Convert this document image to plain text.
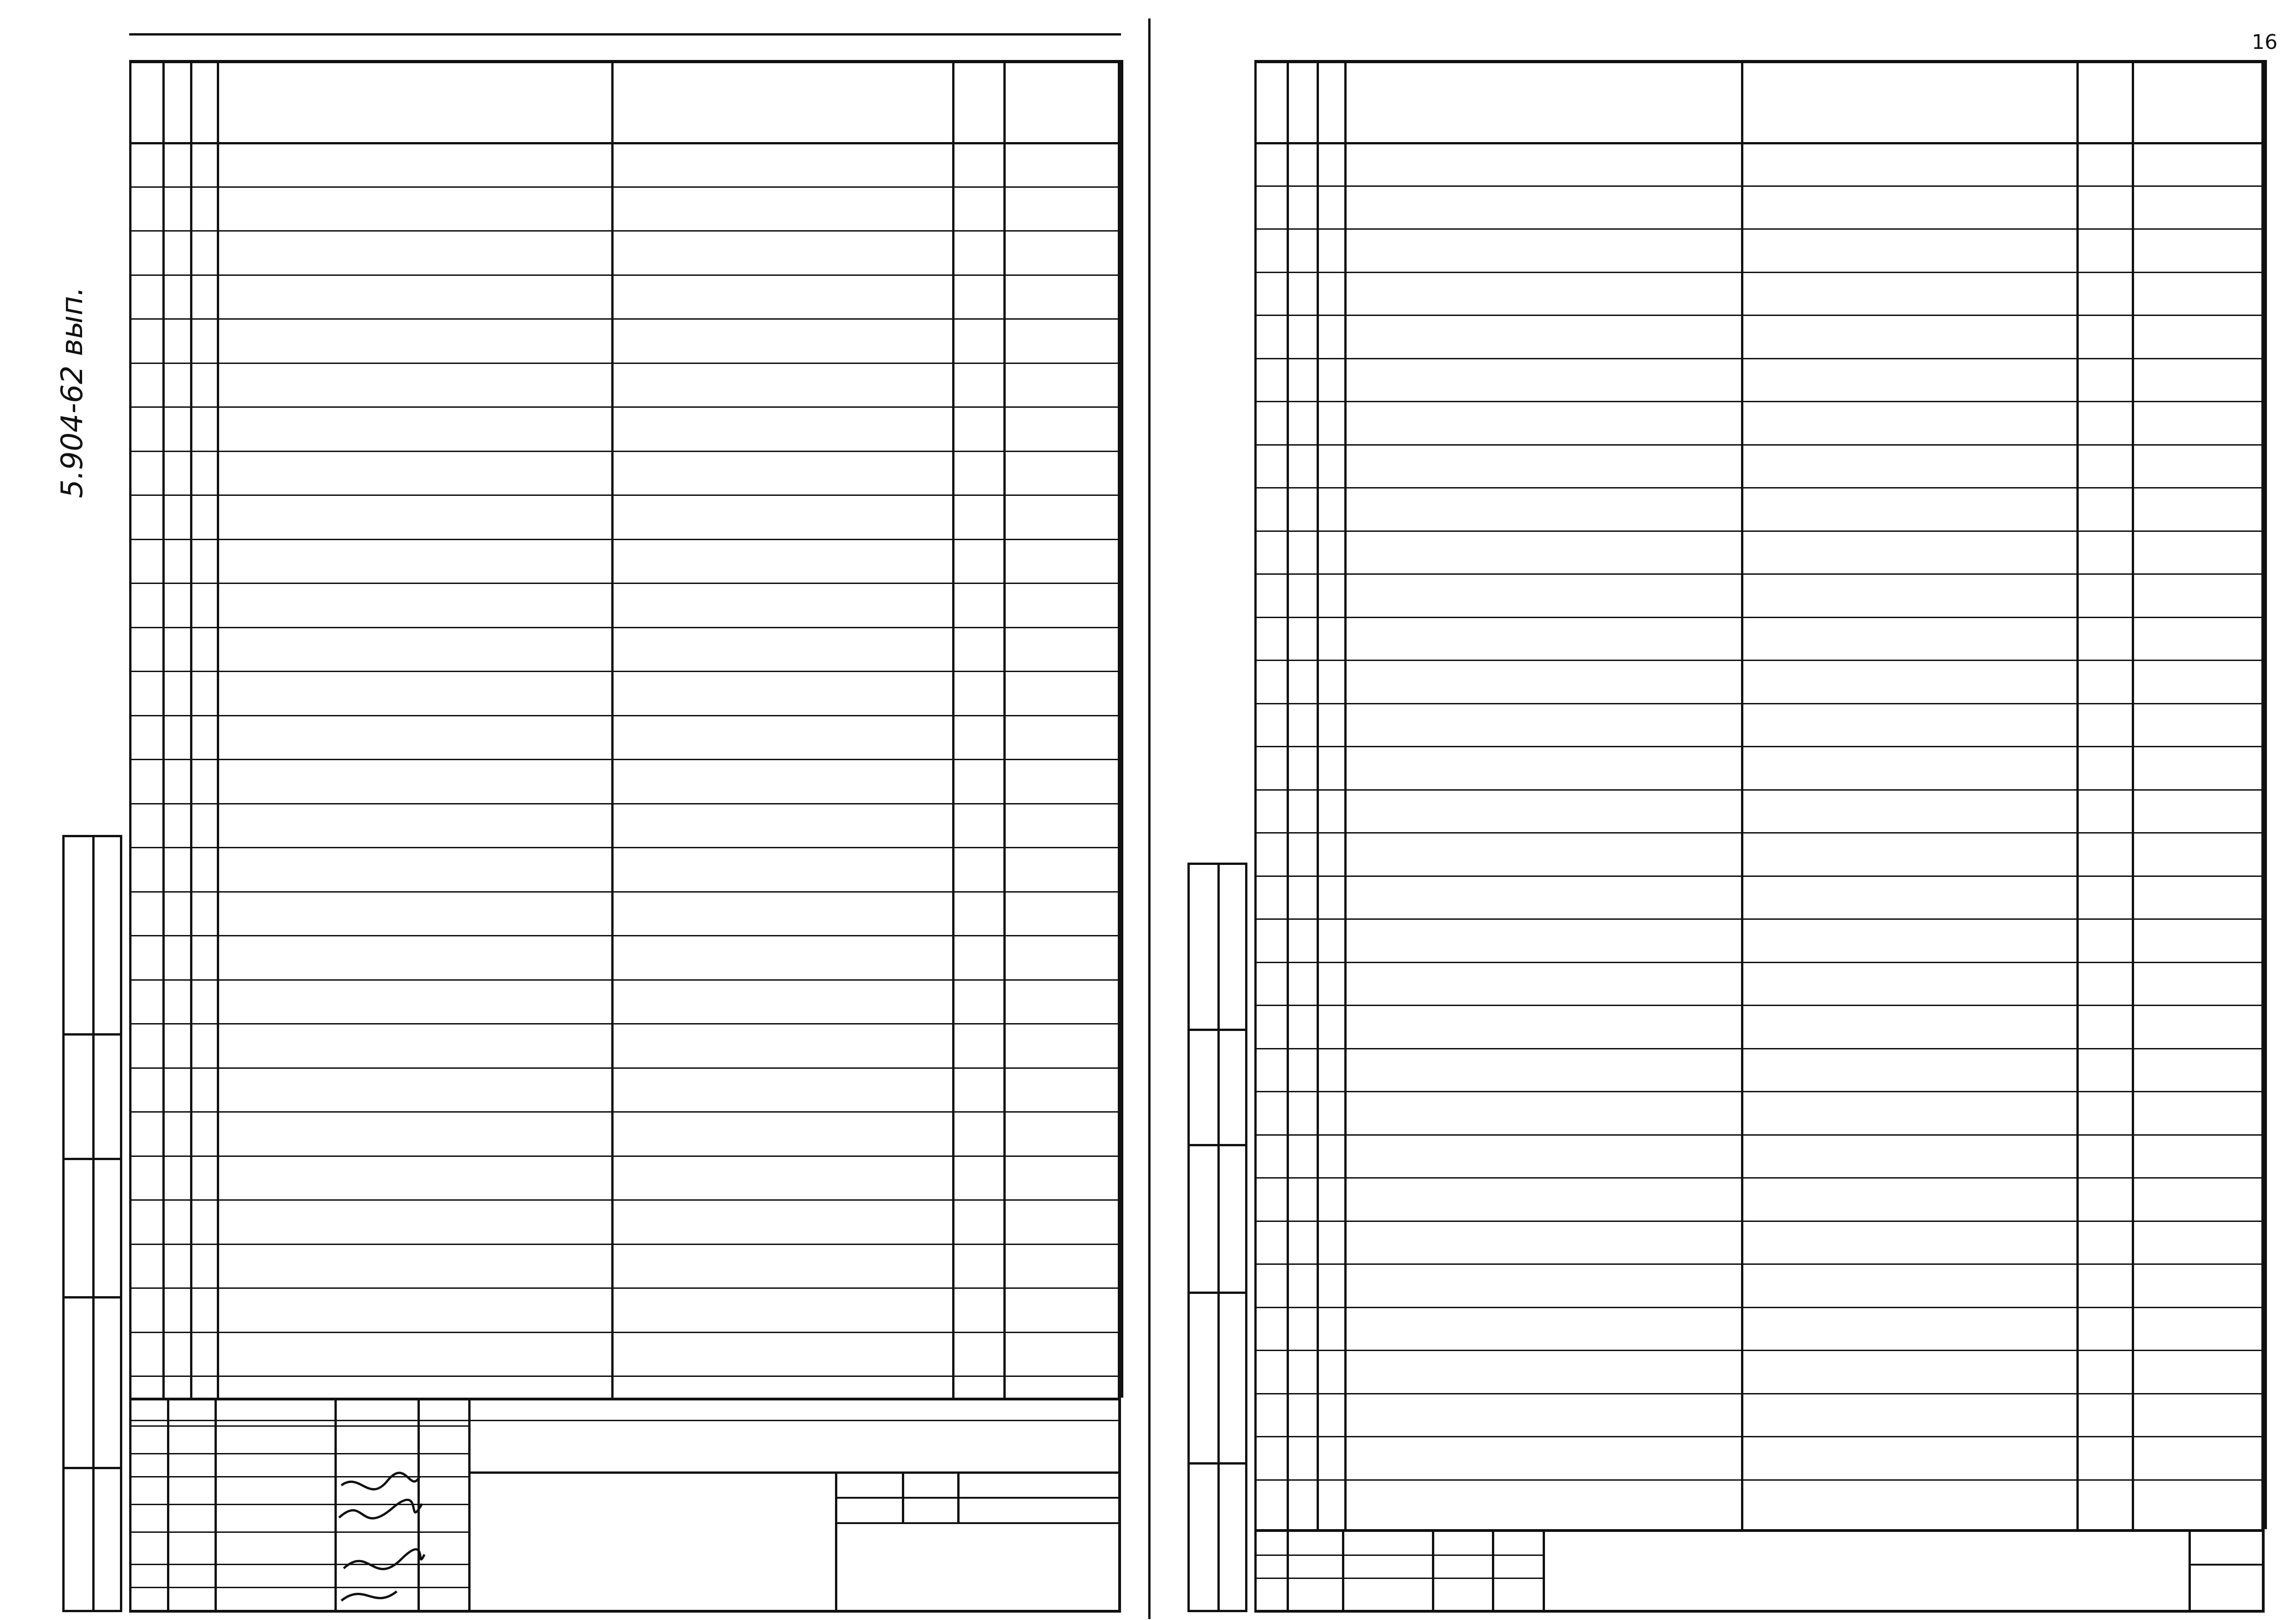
5.904-62 вып.
16
